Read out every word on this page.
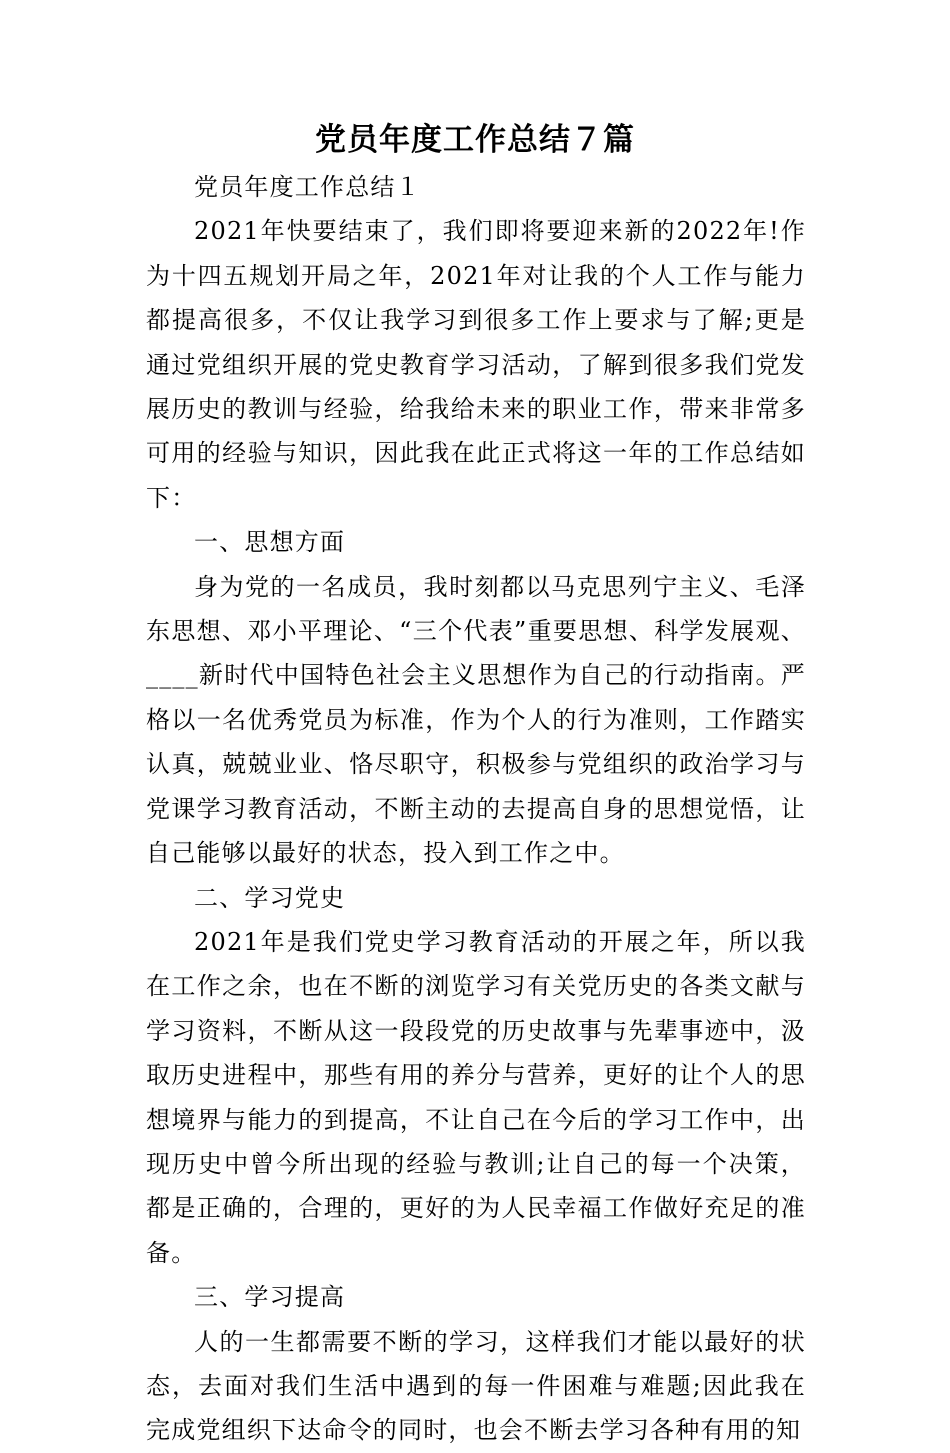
党员年度工作总结７篇

党员年度工作总结１

2021年快要结束了，我们即将要迎来新的2022年!作为十四五规划开局之年，2021年对让我的个人工作与能力都提高很多，不仅让我学习到很多工作上要求与了解;更是通过党组织开展的党史教育学习活动，了解到很多我们党发展历史的教训与经验，给我给未来的职业工作，带来非常多可用的经验与知识，因此我在此正式将这一年的工作总结如下：

一、思想方面

身为党的一名成员，我时刻都以马克思列宁主义、毛泽东思想、邓小平理论、“三个代表”重要思想、科学发展观、____新时代中国特色社会主义思想作为自己的行动指南。严格以一名优秀党员为标准，作为个人的行为准则，工作踏实认真，兢兢业业、恪尽职守，积极参与党组织的政治学习与党课学习教育活动，不断主动的去提高自身的思想觉悟，让自己能够以最好的状态，投入到工作之中。

二、学习党史

2021年是我们党史学习教育活动的开展之年，所以我在工作之余，也在不断的浏览学习有关党历史的各类文献与学习资料，不断从这一段段党的历史故事与先辈事迹中，汲取历史进程中，那些有用的养分与营养，更好的让个人的思想境界与能力的到提高，不让自己在今后的学习工作中，出现历史中曾今所出现的经验与教训;让自己的每一个决策，都是正确的，合理的，更好的为人民幸福工作做好充足的准备。

三、学习提高

人的一生都需要不断的学习，这样我们才能以最好的状态，去面对我们生活中遇到的每一件困难与难题;因此我在完成党组织下达命令的同时，也会不断去学习各种有用的知
